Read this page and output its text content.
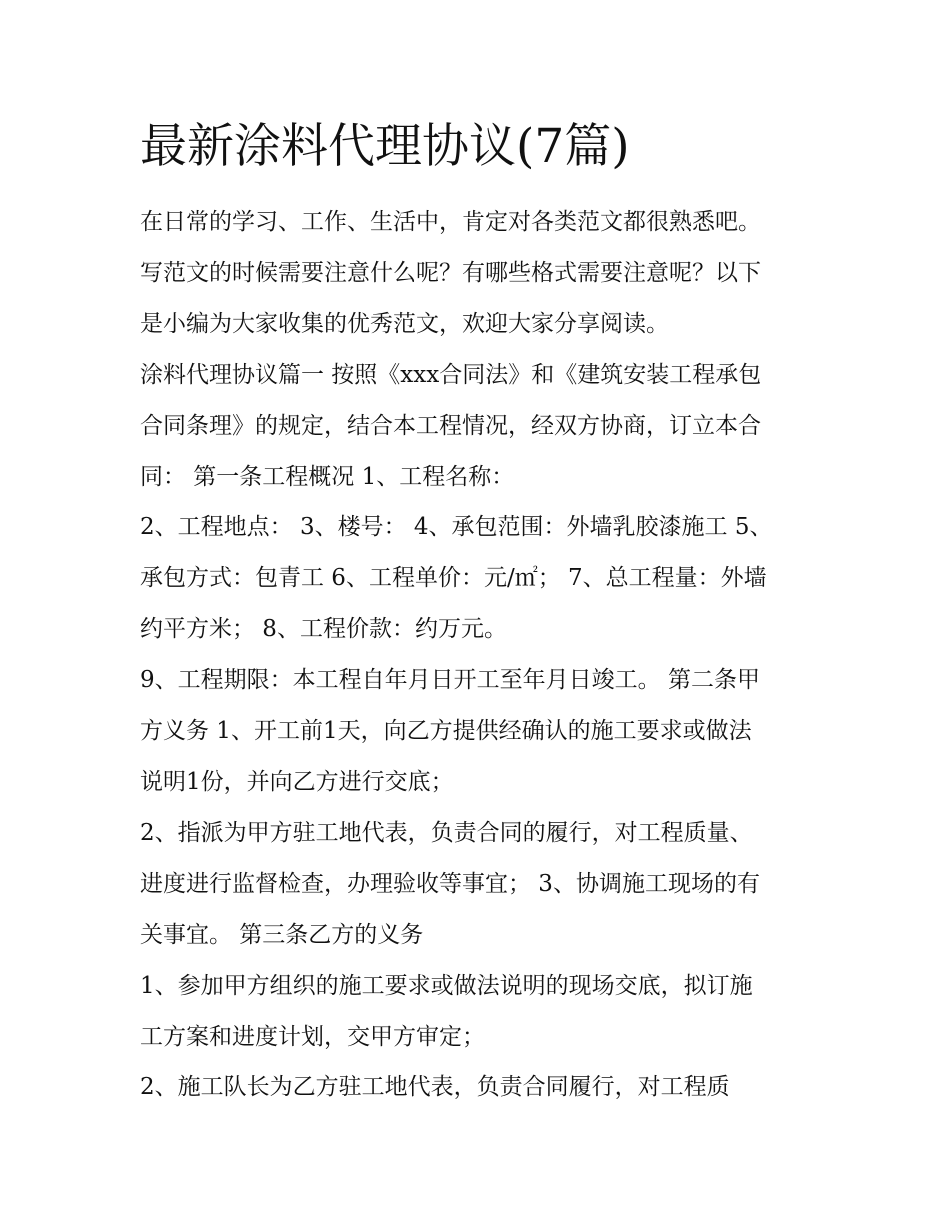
最新涂料代理协议(7篇)

在日常的学习、工作、生活中，肯定对各类范文都很熟悉吧。
写范文的时候需要注意什么呢？有哪些格式需要注意呢？以下
是小编为大家收集的优秀范文，欢迎大家分享阅读。

涂料代理协议篇一 按照《xxx合同法》和《建筑安装工程承包
合同条理》的规定，结合本工程情况，经双方协商，订立本合
同： 第一条工程概况 1、工程名称：

2、工程地点： 3、楼号： 4、承包范围：外墙乳胶漆施工 5、
承包方式：包青工 6、工程单价：元/㎡； 7、总工程量：外墙
约平方米； 8、工程价款：约万元。

9、工程期限：本工程自年月日开工至年月日竣工。 第二条甲
方义务 1、开工前1天，向乙方提供经确认的施工要求或做法
说明1份，并向乙方进行交底；

2、指派为甲方驻工地代表，负责合同的履行，对工程质量、
进度进行监督检查，办理验收等事宜； 3、协调施工现场的有
关事宜。 第三条乙方的义务

1、参加甲方组织的施工要求或做法说明的现场交底，拟订施
工方案和进度计划，交甲方审定；

2、施工队长为乙方驻工地代表，负责合同履行，对工程质
